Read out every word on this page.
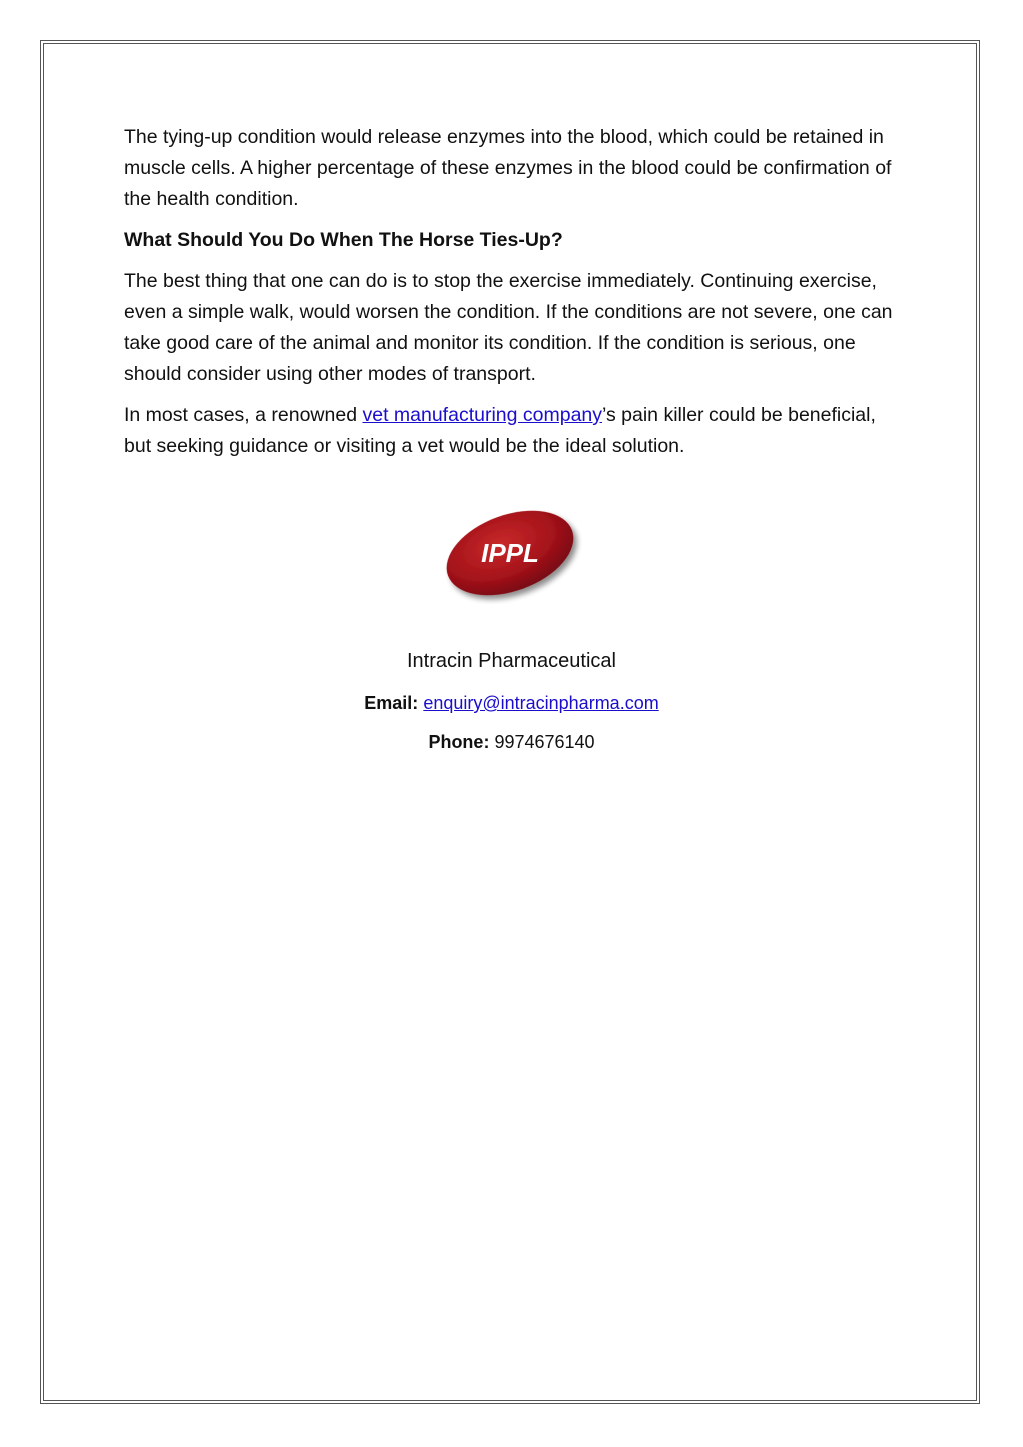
The tying-up condition would release enzymes into the blood, which could be retained in muscle cells. A higher percentage of these enzymes in the blood could be confirmation of the health condition.

What Should You Do When The Horse Ties-Up?

The best thing that one can do is to stop the exercise immediately. Continuing exercise, even a simple walk, would worsen the condition. If the conditions are not severe, one can take good care of the animal and monitor its condition. If the condition is serious, one should consider using other modes of transport.

In most cases, a renowned vet manufacturing company’s pain killer could be beneficial, but seeking guidance or visiting a vet would be the ideal solution.

IPPL
Intracin Pharmaceutical
Email: enquiry@intracinpharma.com
Phone: 9974676140
